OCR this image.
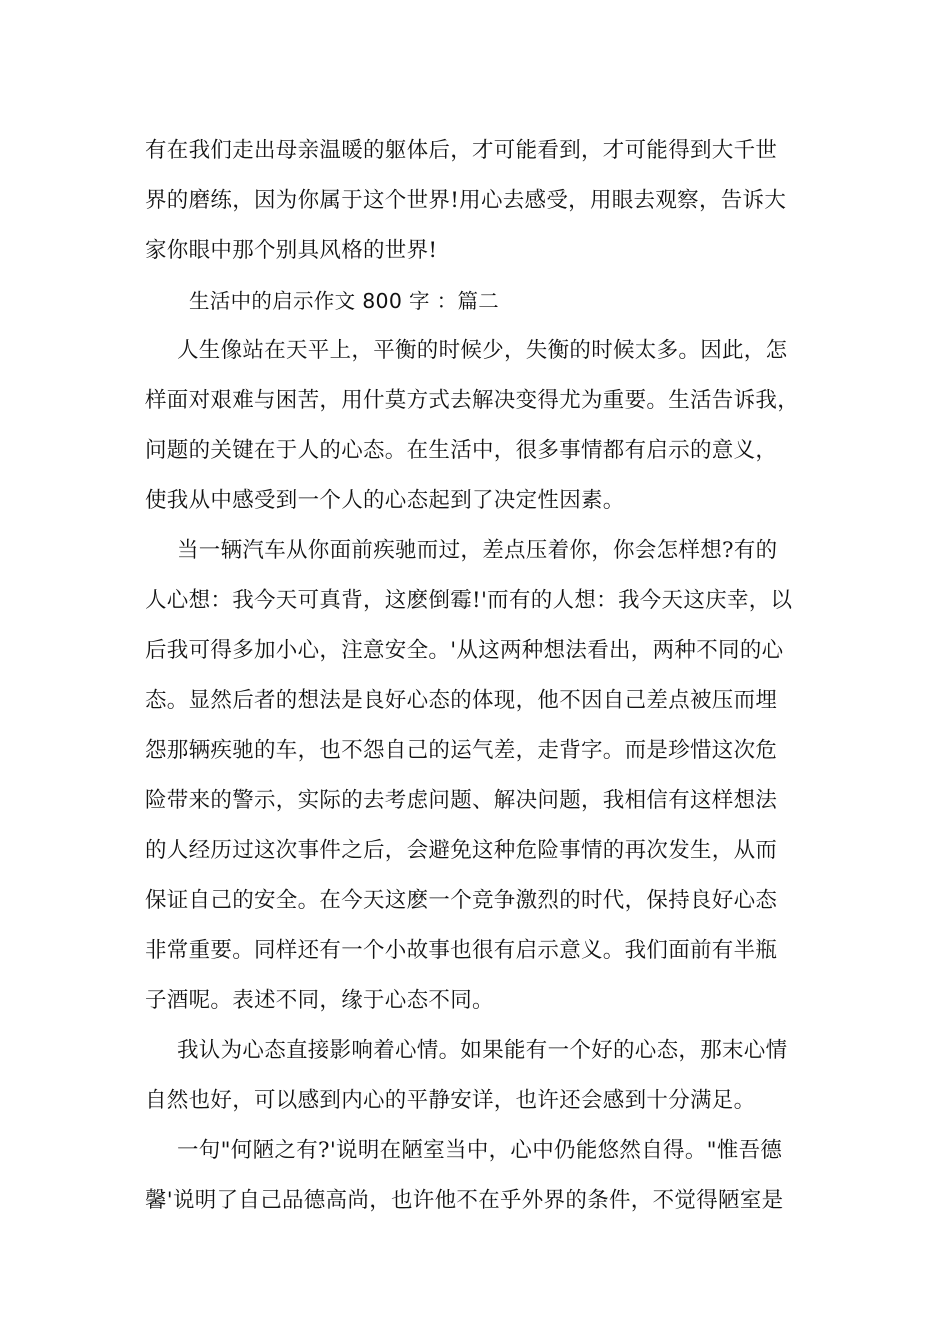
有在我们走出母亲温暖的躯体后，才可能看到，才可能得到大千世
界的磨练，因为你属于这个世界!用心去感受，用眼去观察，告诉大
家你眼中那个别具风格的世界!
生活中的启示作文 800 字 ：篇二
人生像站在天平上，平衡的时候少，失衡的时候太多。因此，怎
样面对艰难与困苦，用什莫方式去解决变得尤为重要。生活告诉我，
问题的关键在于人的心态。在生活中，很多事情都有启示的意义，
使我从中感受到一个人的心态起到了决定性因素。
当一辆汽车从你面前疾驰而过，差点压着你，你会怎样想?有的
人心想：我今天可真背，这麽倒霉!'而有的人想：我今天这庆幸，以
后我可得多加小心，注意安全。'从这两种想法看出，两种不同的心
态。显然后者的想法是良好心态的体现，他不因自己差点被压而埋
怨那辆疾驰的车，也不怨自己的运气差，走背字。而是珍惜这次危
险带来的警示，实际的去考虑问题、解决问题，我相信有这样想法
的人经历过这次事件之后，会避免这种危险事情的再次发生，从而
保证自己的安全。在今天这麽一个竞争激烈的时代，保持良好心态
非常重要。同样还有一个小故事也很有启示意义。我们面前有半瓶
子酒呢。表述不同，缘于心态不同。
我认为心态直接影响着心情。如果能有一个好的心态，那末心情
自然也好，可以感到内心的平静安详，也许还会感到十分满足。
一句"何陋之有?'说明在陋室当中，心中仍能悠然自得。"惟吾德
馨'说明了自己品德高尚，也许他不在乎外界的条件，不觉得陋室是
